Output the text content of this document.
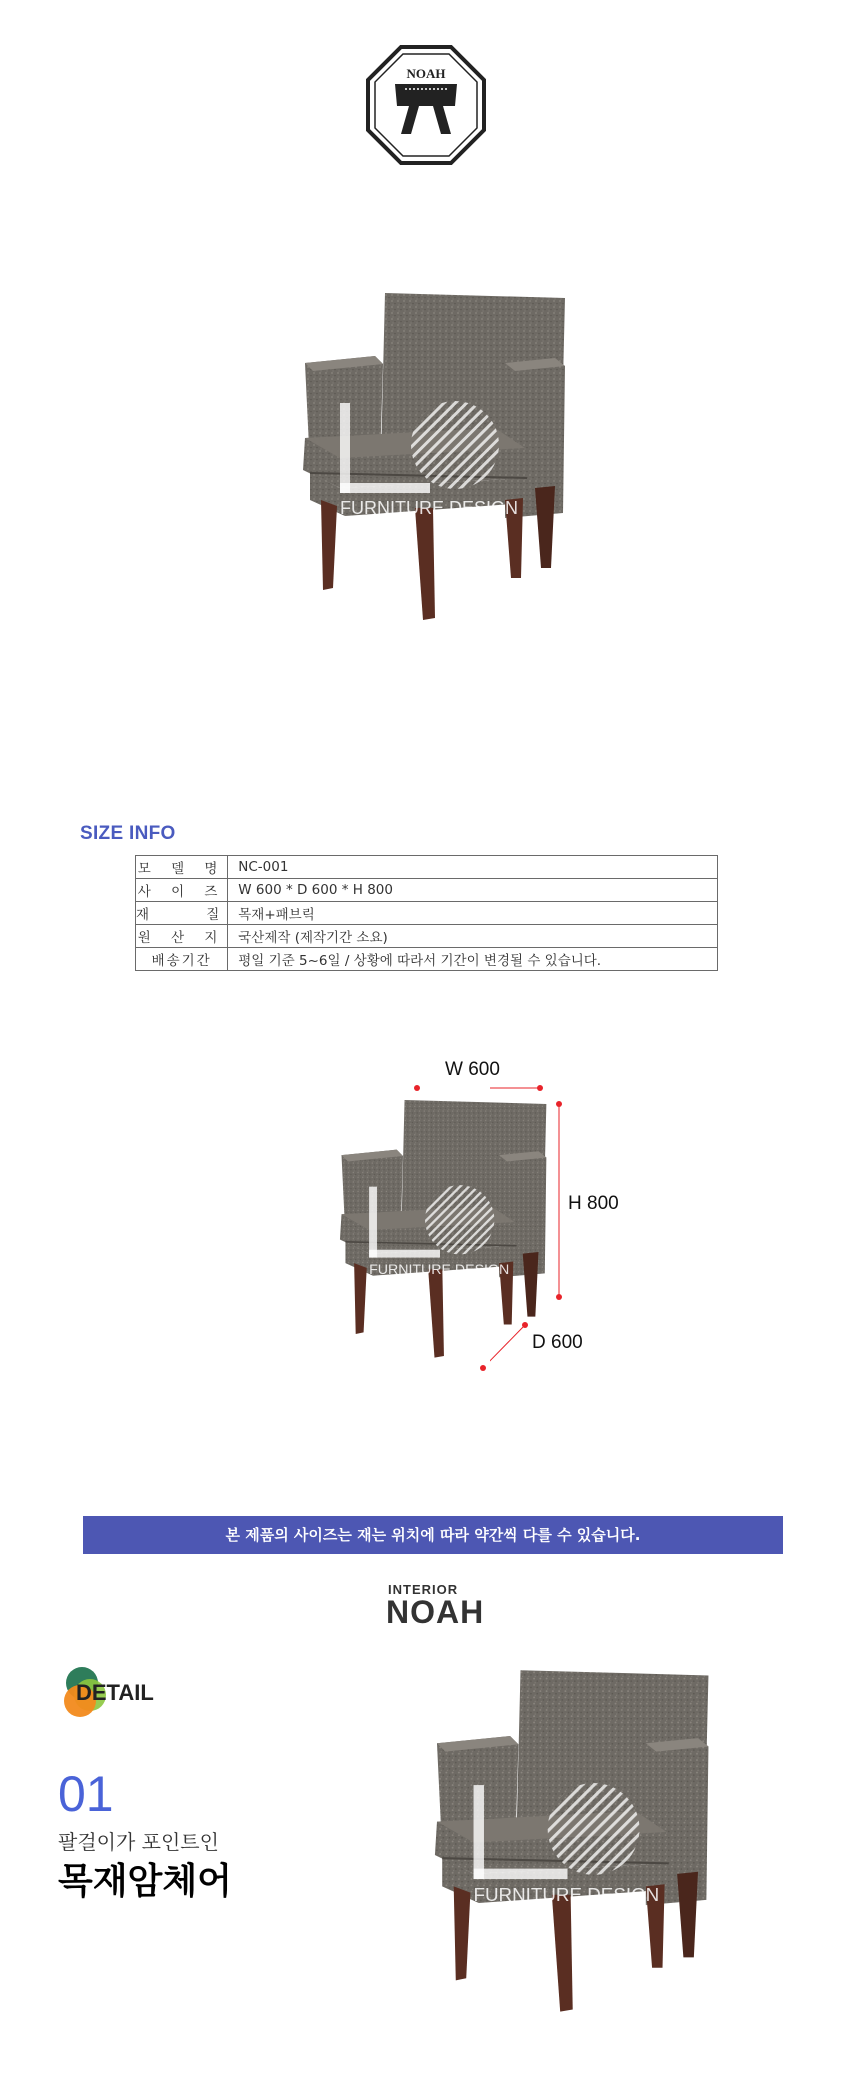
NOAH
FURNITURE DESIGN
SIZE INFO
모 델 명	NC-001
사 이 즈	W 600 * D 600 * H 800
재    질	목재+패브릭
원 산 지	국산제작 (제작기간 소요)
배송기간	평일 기준 5~6일 / 상황에 따라서 기간이 변경될 수 있습니다.
FURNITURE DESIGN
W 600
H 800
D 600
본 제품의 사이즈는 재는 위치에 따라 약간씩 다를 수 있습니다.
INTERIOR
NOAH
DETAIL
01
팔걸이가 포인트인
목재암체어	FURNITURE DESIGN
